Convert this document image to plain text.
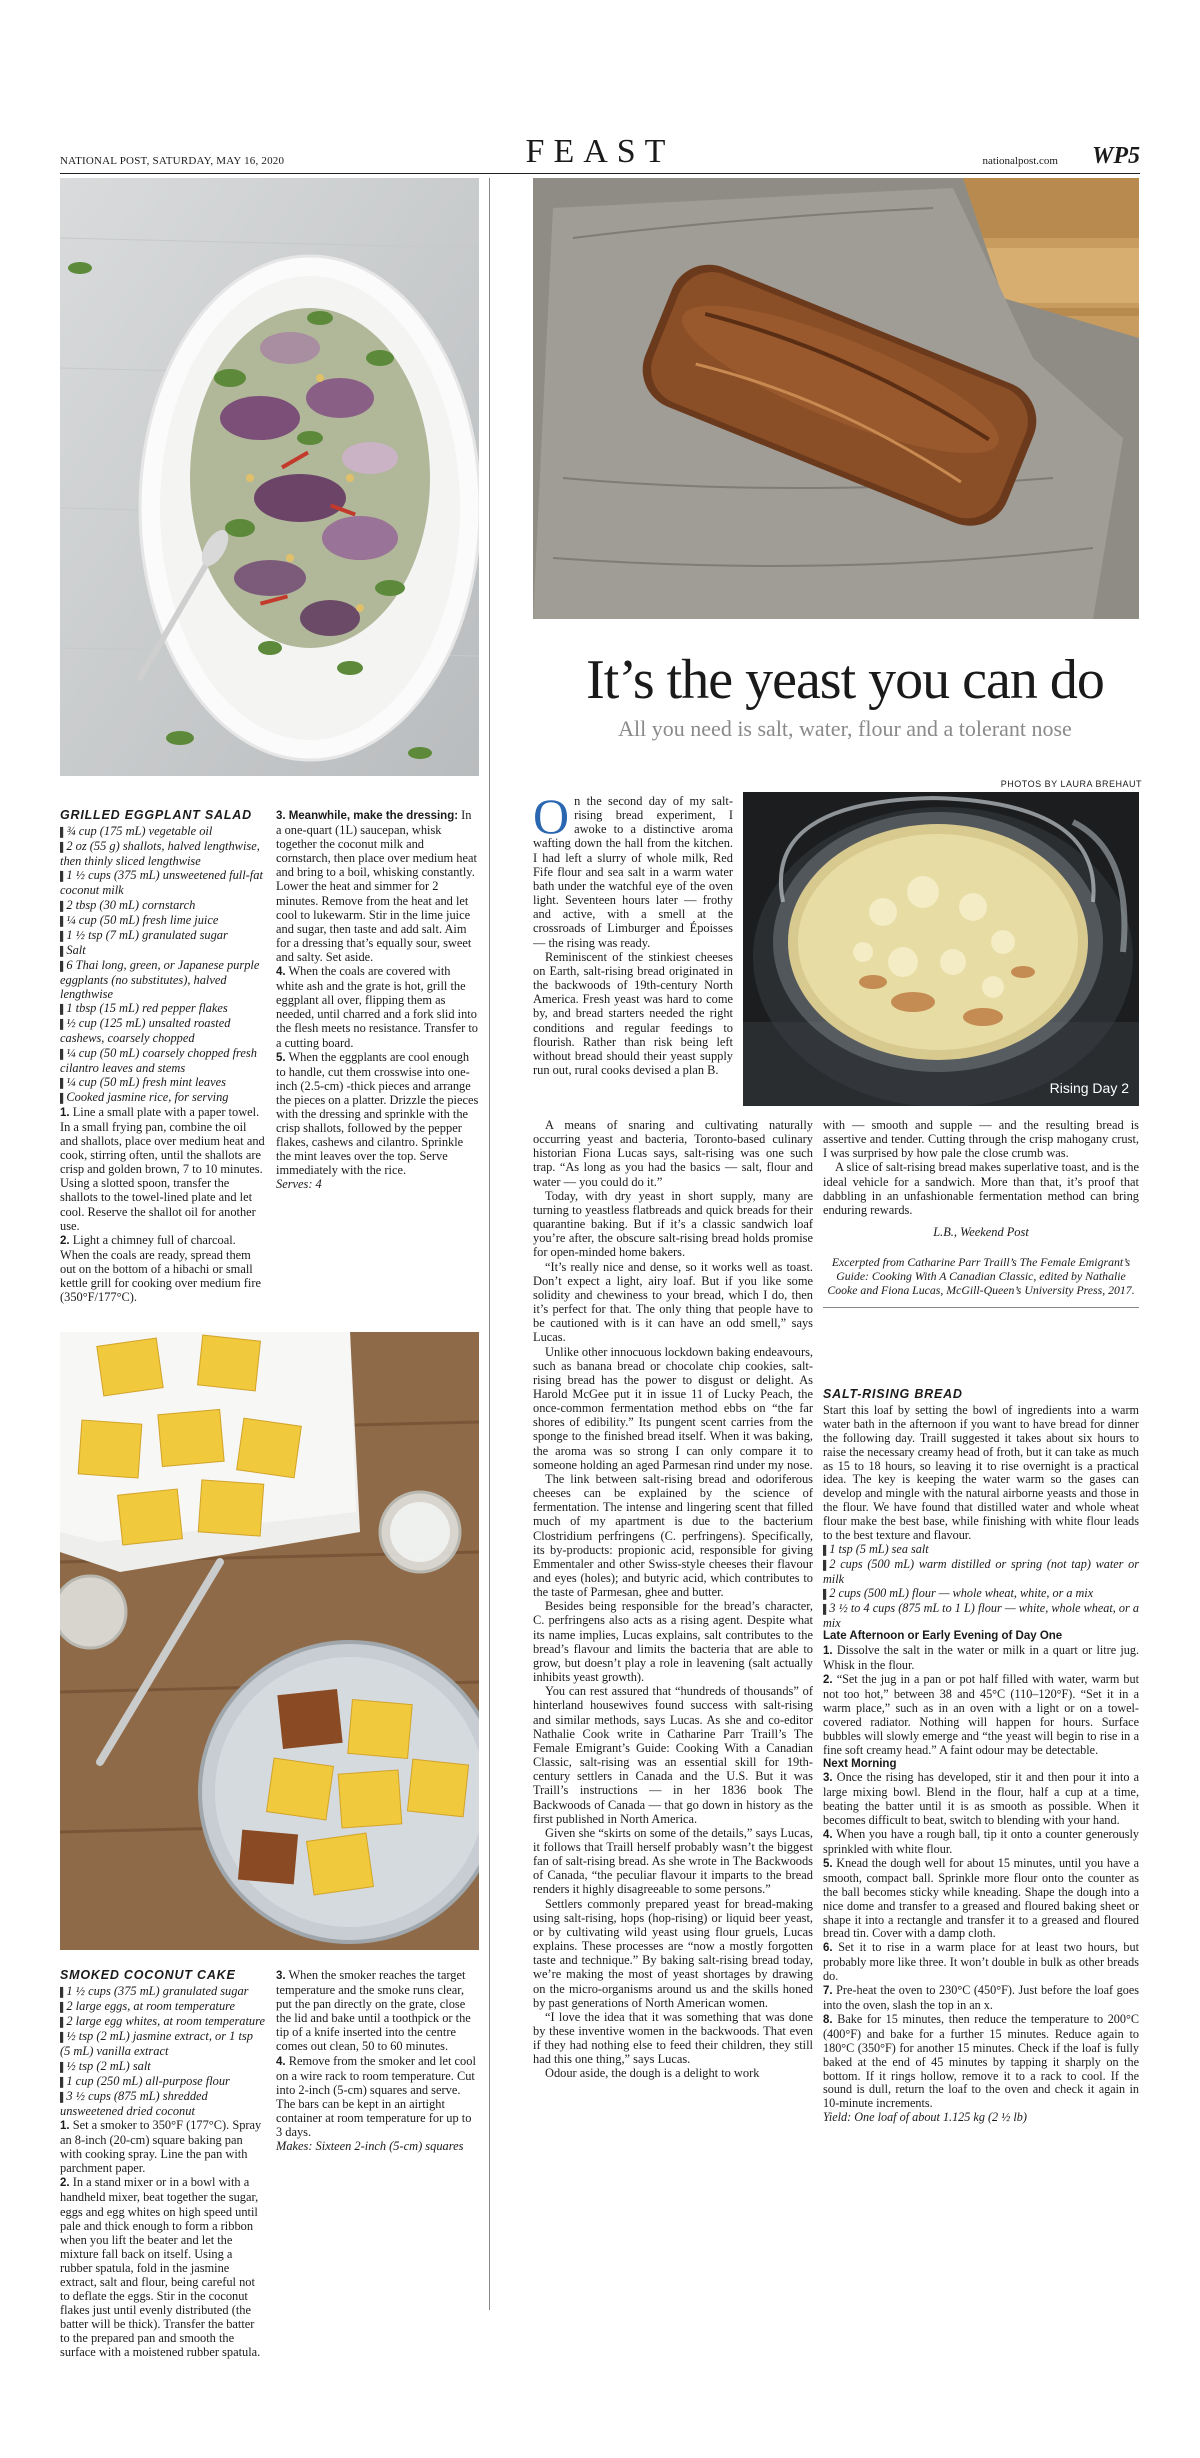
NATIONAL POST, SATURDAY, MAY 16, 2020	FEAST	nationalpost.com WP5
It’s the yeast you can do
All you need is salt, water, flour and a tolerant nose
PHOTOS BY LAURA BREHAUT
Rising Day 2
GRILLED EGGPLANT SALAD
▌ ¾ cup (175 mL) vegetable oil
▌ 2 oz (55 g) shallots, halved lengthwise, then thinly sliced lengthwise
▌ 1 ½ cups (375 mL) unsweetened full-fat coconut milk
▌ 2 tbsp (30 mL) cornstarch
▌ ¼ cup (50 mL) fresh lime juice
▌ 1 ½ tsp (7 mL) granulated sugar
▌ Salt
▌ 6 Thai long, green, or Japanese purple eggplants (no substitutes), halved lengthwise
▌ 1 tbsp (15 mL) red pepper flakes
▌ ½ cup (125 mL) unsalted roasted cashews, coarsely chopped
▌ ¼ cup (50 mL) coarsely chopped fresh cilantro leaves and stems
▌ ¼ cup (50 mL) fresh mint leaves
▌ Cooked jasmine rice, for serving
1. Line a small plate with a paper towel. In a small frying pan, combine the oil and shallots, place over medium heat and cook, stirring often, until the shallots are crisp and golden brown, 7 to 10 minutes. Using a slotted spoon, transfer the shallots to the towel-lined plate and let cool. Reserve the shallot oil for another use.
2. Light a chimney full of charcoal. When the coals are ready, spread them out on the bottom of a hibachi or small kettle grill for cooking over medium fire (350°F/177°C).
3. Meanwhile, make the dressing: In a one-quart (1L) saucepan, whisk together the coconut milk and cornstarch, then place over medium heat and bring to a boil, whisking constantly. Lower the heat and simmer for 2 minutes. Remove from the heat and let cool to lukewarm. Stir in the lime juice and sugar, then taste and add salt. Aim for a dressing that’s equally sour, sweet and salty. Set aside.
4. When the coals are covered with white ash and the grate is hot, grill the eggplant all over, flipping them as needed, until charred and a fork slid into the flesh meets no resistance. Transfer to a cutting board.
5. When the eggplants are cool enough to handle, cut them crosswise into one-inch (2.5-cm) -thick pieces and arrange the pieces on a platter. Drizzle the pieces with the dressing and sprinkle with the crisp shallots, followed by the pepper flakes, cashews and cilantro. Sprinkle the mint leaves over the top. Serve immediately with the rice.
Serves: 4
SMOKED COCONUT CAKE
▌ 1 ½ cups (375 mL) granulated sugar
▌ 2 large eggs, at room temperature
▌ 2 large egg whites, at room temperature
▌ ½ tsp (2 mL) jasmine extract, or 1 tsp (5 mL) vanilla extract
▌ ½ tsp (2 mL) salt
▌ 1 cup (250 mL) all-purpose flour
▌ 3 ½ cups (875 mL) shredded unsweetened dried coconut
1. Set a smoker to 350°F (177°C). Spray an 8-inch (20-cm) square baking pan with cooking spray. Line the pan with parchment paper.
2. In a stand mixer or in a bowl with a handheld mixer, beat together the sugar, eggs and egg whites on high speed until pale and thick enough to form a ribbon when you lift the beater and let the mixture fall back on itself. Using a rubber spatula, fold in the jasmine extract, salt and flour, being careful not to deflate the eggs. Stir in the coconut flakes just until evenly distributed (the batter will be thick). Transfer the batter to the prepared pan and smooth the surface with a moistened rubber spatula.
3. When the smoker reaches the target temperature and the smoke runs clear, put the pan directly on the grate, close the lid and bake until a toothpick or the tip of a knife inserted into the centre comes out clean, 50 to 60 minutes.
4. Remove from the smoker and let cool on a wire rack to room temperature. Cut into 2-inch (5-cm) squares and serve. The bars can be kept in an airtight container at room temperature for up to 3 days.
Makes: Sixteen 2-inch (5-cm) squares

On the second day of my salt-rising bread experiment, I awoke to a distinctive aroma wafting down the hall from the kitchen. I had left a slurry of whole milk, Red Fife flour and sea salt in a warm water bath under the watchful eye of the oven light. Seventeen hours later — frothy and active, with a smell at the crossroads of Limburger and Époisses — the rising was ready.

Reminiscent of the stinkiest cheeses on Earth, salt-rising bread originated in the backwoods of 19th-century North America. Fresh yeast was hard to come by, and bread starters needed the right conditions and regular feedings to flourish. Rather than risk being left without bread should their yeast supply run out, rural cooks devised a plan B.

A means of snaring and cultivating naturally occurring yeast and bacteria, Toronto-based culinary historian Fiona Lucas says, salt-rising was one such trap. “As long as you had the basics — salt, flour and water — you could do it.”

Today, with dry yeast in short supply, many are turning to yeastless flatbreads and quick breads for their quarantine baking. But if it’s a classic sandwich loaf you’re after, the obscure salt-rising bread holds promise for open-minded home bakers.

“It’s really nice and dense, so it works well as toast. Don’t expect a light, airy loaf. But if you like some solidity and chewiness to your bread, which I do, then it’s perfect for that. The only thing that people have to be cautioned with is it can have an odd smell,” says Lucas.

Unlike other innocuous lockdown baking endeavours, such as banana bread or chocolate chip cookies, salt-rising bread has the power to disgust or delight. As Harold McGee put it in issue 11 of Lucky Peach, the once-common fermentation method ebbs on “the far shores of edibility.” Its pungent scent carries from the sponge to the finished bread itself. When it was baking, the aroma was so strong I can only compare it to someone holding an aged Parmesan rind under my nose.

The link between salt-rising bread and odoriferous cheeses can be explained by the science of fermentation. The intense and lingering scent that filled much of my apartment is due to the bacterium Clostridium perfringens (C. perfringens). Specifically, its by-products: propionic acid, responsible for giving Emmentaler and other Swiss-style cheeses their flavour and eyes (holes); and butyric acid, which contributes to the taste of Parmesan, ghee and butter.

Besides being responsible for the bread’s character, C. perfringens also acts as a rising agent. Despite what its name implies, Lucas explains, salt contributes to the bread’s flavour and limits the bacteria that are able to grow, but doesn’t play a role in leavening (salt actually inhibits yeast growth).

You can rest assured that “hundreds of thousands” of hinterland housewives found success with salt-rising and similar methods, says Lucas. As she and co-editor Nathalie Cook write in Catharine Parr Traill’s The Female Emigrant’s Guide: Cooking With a Canadian Classic, salt-rising was an essential skill for 19th-century settlers in Canada and the U.S. But it was Traill’s instructions — in her 1836 book The Backwoods of Canada — that go down in history as the first published in North America.

Given she “skirts on some of the details,” says Lucas, it follows that Traill herself probably wasn’t the biggest fan of salt-rising bread. As she wrote in The Backwoods of Canada, “the peculiar flavour it imparts to the bread renders it highly disagreeable to some persons.”

Settlers commonly prepared yeast for bread-making using salt-rising, hops (hop-rising) or liquid beer yeast, or by cultivating wild yeast using flour gruels, Lucas explains. These processes are “now a mostly forgotten taste and technique.” By baking salt-rising bread today, we’re making the most of yeast shortages by drawing on the micro-organisms around us and the skills honed by past generations of North American women.

“I love the idea that it was something that was done by these inventive women in the backwoods. That even if they had nothing else to feed their children, they still had this one thing,” says Lucas.

Odour aside, the dough is a delight to work

with — smooth and supple — and the resulting bread is assertive and tender. Cutting through the crisp mahogany crust, I was surprised by how pale the close crumb was.

A slice of salt-rising bread makes superlative toast, and is the ideal vehicle for a sandwich. More than that, it’s proof that dabbling in an unfashionable fermentation method can bring enduring rewards.

L.B., Weekend Post
Excerpted from Catharine Parr Traill’s The Female Emigrant’s Guide: Cooking With A Canadian Classic, edited by Nathalie Cooke and Fiona Lucas, McGill-Queen’s University Press, 2017.
SALT-RISING BREAD
Start this loaf by setting the bowl of ingredients into a warm water bath in the afternoon if you want to have bread for dinner the following day. Traill suggested it takes about six hours to raise the necessary creamy head of froth, but it can take as much as 15 to 18 hours, so leaving it to rise overnight is a practical idea. The key is keeping the water warm so the gases can develop and mingle with the natural airborne yeasts and those in the flour. We have found that distilled water and whole wheat flour make the best base, while finishing with white flour leads to the best texture and flavour.
▌ 1 tsp (5 mL) sea salt
▌ 2 cups (500 mL) warm distilled or spring (not tap) water or milk
▌ 2 cups (500 mL) flour — whole wheat, white, or a mix
▌ 3 ½ to 4 cups (875 mL to 1 L) flour — white, whole wheat, or a mix
Late Afternoon or Early Evening of Day One
1. Dissolve the salt in the water or milk in a quart or litre jug. Whisk in the flour.
2. “Set the jug in a pan or pot half filled with water, warm but not too hot,” between 38 and 45°C (110–120°F). “Set it in a warm place,” such as in an oven with a light or on a towel-covered radiator. Nothing will happen for hours. Surface bubbles will slowly emerge and “the yeast will begin to rise in a fine soft creamy head.” A faint odour may be detectable.
Next Morning
3. Once the rising has developed, stir it and then pour it into a large mixing bowl. Blend in the flour, half a cup at a time, beating the batter until it is as smooth as possible. When it becomes difficult to beat, switch to blending with your hand.
4. When you have a rough ball, tip it onto a counter generously sprinkled with white flour.
5. Knead the dough well for about 15 minutes, until you have a smooth, compact ball. Sprinkle more flour onto the counter as the ball becomes sticky while kneading. Shape the dough into a nice dome and transfer to a greased and floured baking sheet or shape it into a rectangle and transfer it to a greased and floured bread tin. Cover with a damp cloth.
6. Set it to rise in a warm place for at least two hours, but probably more like three. It won’t double in bulk as other breads do.
7. Pre-heat the oven to 230°C (450°F). Just before the loaf goes into the oven, slash the top in an x.
8. Bake for 15 minutes, then reduce the temperature to 200°C (400°F) and bake for a further 15 minutes. Reduce again to 180°C (350°F) for another 15 minutes. Check if the loaf is fully baked at the end of 45 minutes by tapping it sharply on the bottom. If it rings hollow, remove it to a rack to cool. If the sound is dull, return the loaf to the oven and check it again in 10-minute increments.
Yield: One loaf of about 1.125 kg (2 ½ lb)
